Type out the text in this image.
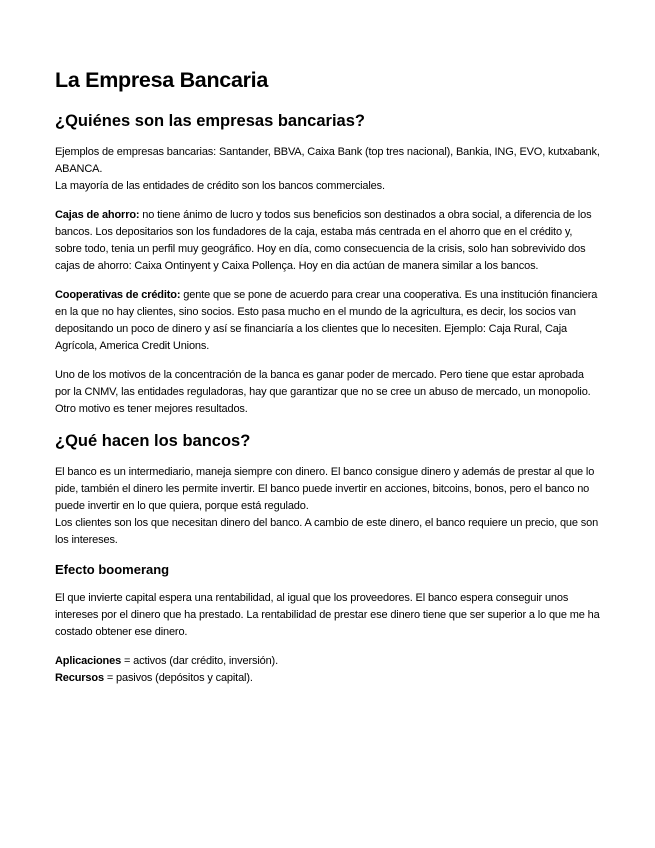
La Empresa Bancaria
¿Quiénes son las empresas bancarias?

Ejemplos de empresas bancarias: Santander, BBVA, Caixa Bank (top tres nacional), Bankia, ING, EVO, kutxabank, ABANCA.
La mayoría de las entidades de crédito son los bancos commerciales.

Cajas de ahorro: no tiene ánimo de lucro y todos sus beneficios son destinados a obra social, a diferencia de los bancos. Los depositarios son los fundadores de la caja, estaba más centrada en el ahorro que en el crédito y, sobre todo, tenia un perfil muy geográfico. Hoy en día, como consecuencia de la crisis, solo han sobrevivido dos cajas de ahorro: Caixa Ontinyent y Caixa Pollença. Hoy en dia actúan de manera similar a los bancos.

Cooperativas de crédito: gente que se pone de acuerdo para crear una cooperativa. Es una institución financiera en la que no hay clientes, sino socios. Esto pasa mucho en el mundo de la agricultura, es decir, los socios van depositando un poco de dinero y así se financiaría a los clientes que lo necesiten. Ejemplo: Caja Rural, Caja Agrícola, America Credit Unions.

Uno de los motivos de la concentración de la banca es ganar poder de mercado. Pero tiene que estar aprobada por la CNMV, las entidades reguladoras, hay que garantizar que no se cree un abuso de mercado, un monopolio. Otro motivo es tener mejores resultados.

¿Qué hacen los bancos?

El banco es un intermediario, maneja siempre con dinero. El banco consigue dinero y además de prestar al que lo pide, también el dinero les permite invertir. El banco puede invertir en acciones, bitcoins, bonos, pero el banco no puede invertir en lo que quiera, porque está regulado.
Los clientes son los que necesitan dinero del banco. A cambio de este dinero, el banco requiere un precio, que son los intereses.

Efecto boomerang

El que invierte capital espera una rentabilidad, al igual que los proveedores. El banco espera conseguir unos intereses por el dinero que ha prestado. La rentabilidad de prestar ese dinero tiene que ser superior a lo que me ha costado obtener ese dinero.

Aplicaciones = activos (dar crédito, inversión).
Recursos = pasivos (depósitos y capital).
